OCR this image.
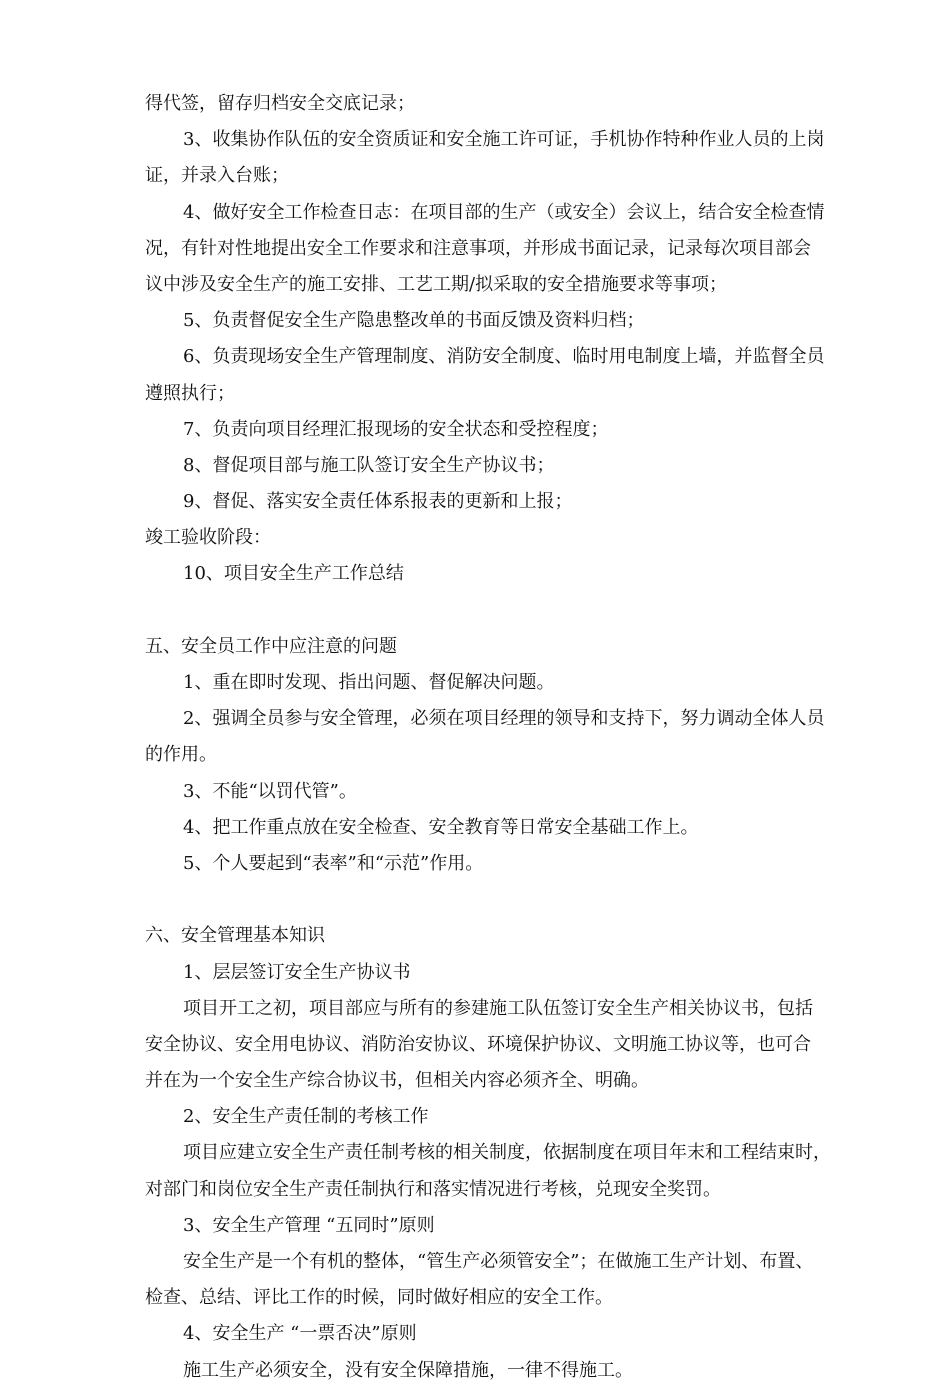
得代签，留存归档安全交底记录；
3、收集协作队伍的安全资质证和安全施工许可证，手机协作特种作业人员的上岗
证，并录入台账；
4、做好安全工作检查日志：在项目部的生产（或安全）会议上，结合安全检查情
况，有针对性地提出安全工作要求和注意事项，并形成书面记录，记录每次项目部会
议中涉及安全生产的施工安排、工艺工期/拟采取的安全措施要求等事项；
5、负责督促安全生产隐患整改单的书面反馈及资料归档；
6、负责现场安全生产管理制度、消防安全制度、临时用电制度上墙，并监督全员
遵照执行；
7、负责向项目经理汇报现场的安全状态和受控程度；
8、督促项目部与施工队签订安全生产协议书；
9、督促、落实安全责任体系报表的更新和上报；
竣工验收阶段：
10、项目安全生产工作总结
五、安全员工作中应注意的问题
1、重在即时发现、指出问题、督促解决问题。
2、强调全员参与安全管理，必须在项目经理的领导和支持下，努力调动全体人员
的作用。
3、不能“以罚代管”。
4、把工作重点放在安全检查、安全教育等日常安全基础工作上。
5、个人要起到“表率”和“示范”作用。
六、安全管理基本知识
1、层层签订安全生产协议书
项目开工之初，项目部应与所有的参建施工队伍签订安全生产相关协议书，包括
安全协议、安全用电协议、消防治安协议、环境保护协议、文明施工协议等，也可合
并在为一个安全生产综合协议书，但相关内容必须齐全、明确。
2、安全生产责任制的考核工作
项目应建立安全生产责任制考核的相关制度，依据制度在项目年末和工程结束时，
对部门和岗位安全生产责任制执行和落实情况进行考核，兑现安全奖罚。
3、安全生产管理 “五同时”原则
安全生产是一个有机的整体，“管生产必须管安全”；在做施工生产计划、布置、
检查、总结、评比工作的时候，同时做好相应的安全工作。
4、安全生产 “一票否决”原则
施工生产必须安全，没有安全保障措施，一律不得施工。
